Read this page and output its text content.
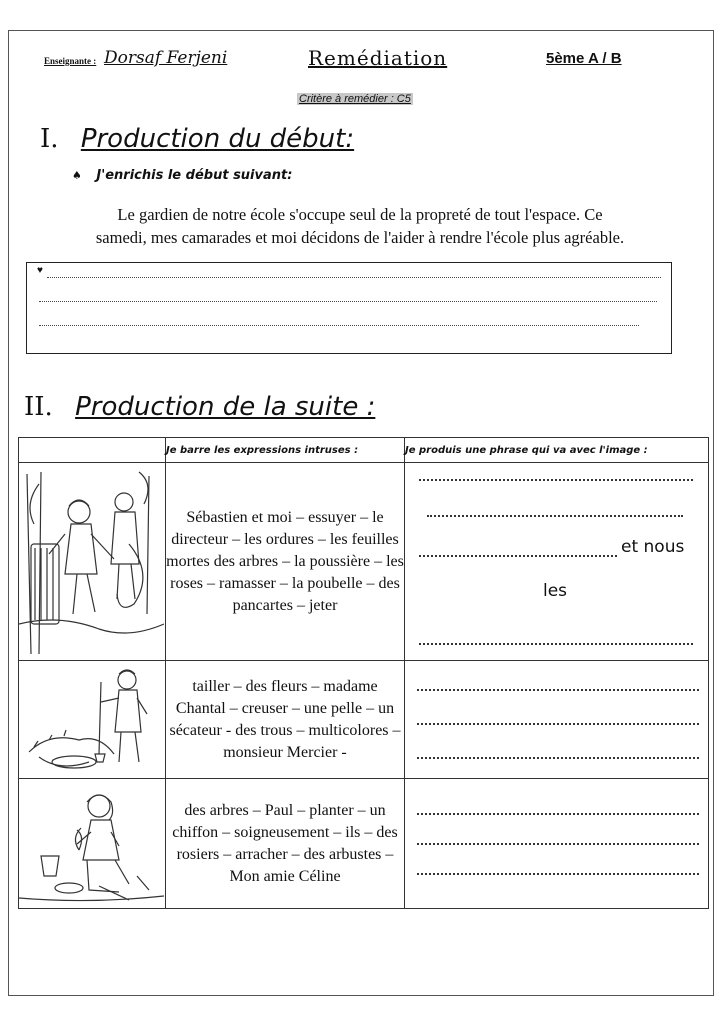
Enseignante : Dorsaf Ferjeni	Remédiation	5ème A / B
Critère à remédier : C5
I. Production du début:
♠ J'enrichis le début suivant:
Le gardien de notre école s'occupe seul de la propreté de tout l'espace. Ce
samedi, mes camarades et moi décidons de l'aider à rendre l'école plus agréable.
♥
II. Production de la suite :
	Je barre les expressions intruses :	Je produis une phrase qui va avec l'image :

	Sébastien et moi – essuyer – le directeur – les ordures – les feuilles mortes des arbres – la poussière – les roses – ramasser – la poubelle – des pancartes – jeter	et nous
les

	tailler – des fleurs – madame Chantal – creuser – une pelle – un sécateur - des trous – multicolores – monsieur Mercier -	

	des arbres – Paul – planter – un chiffon – soigneusement – ils – des rosiers – arracher – des arbustes – Mon amie Céline	
